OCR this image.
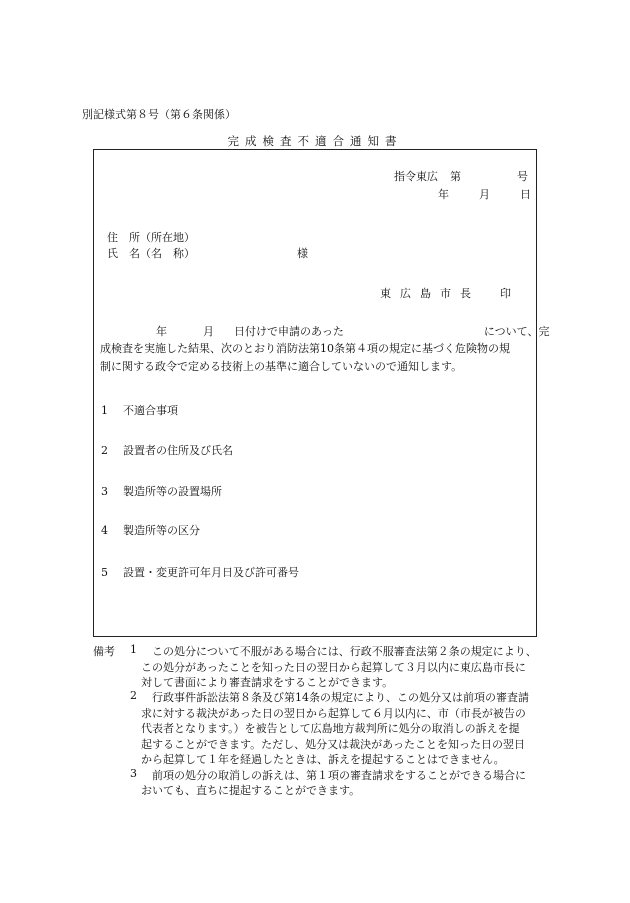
別記様式第８号（第６条関係）
完成検査不適合通知書
指令東広 第	号
年	月	日
住　所（所在地）
氏　名（名　称）	様
東広島市長　印
年	月 日付けで申請のあった	について、完
成検査を実施した結果、次のとおり消防法第10条第４項の規定に基づく危険物の規
制に関する政令で定める技術上の基準に適合していないので通知します。
1 不適合事項
2 設置者の住所及び氏名
3 製造所等の設置場所
4 製造所等の区分
5 設置・変更許可年月日及び許可番号
備考 1 この処分について不服がある場合には、行政不服審査法第２条の規定により、
この処分があったことを知った日の翌日から起算して３月以内に東広島市長に
対して書面により審査請求をすることができます。
2 行政事件訴訟法第８条及び第14条の規定により、この処分又は前項の審査請
求に対する裁決があった日の翌日から起算して６月以内に、市（市長が被告の
代表者となります。）を被告として広島地方裁判所に処分の取消しの訴えを提
起することができます。ただし、処分又は裁決があったことを知った日の翌日
から起算して１年を経過したときは、訴えを提起することはできません。
3 前項の処分の取消しの訴えは、第１項の審査請求をすることができる場合に
おいても、直ちに提起することができます。
